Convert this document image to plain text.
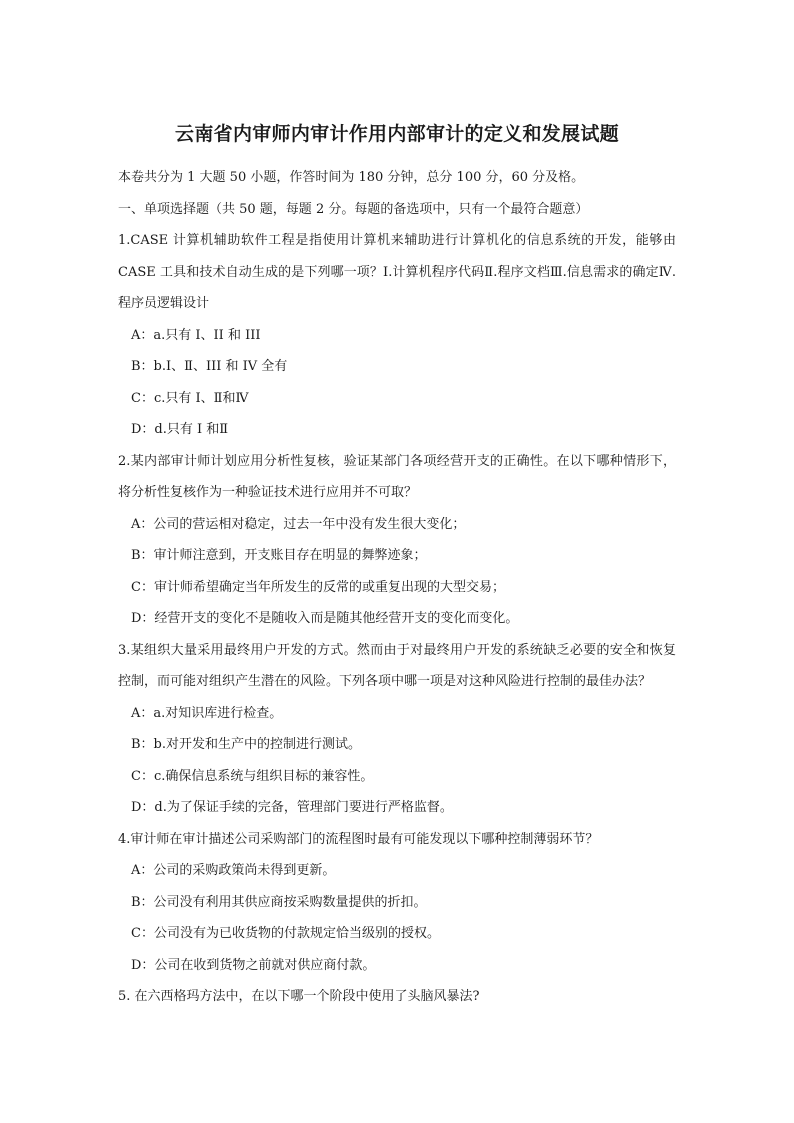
云南省内审师内审计作用内部审计的定义和发展试题
本卷共分为 1 大题 50 小题，作答时间为 180 分钟，总分 100 分，60 分及格。
一、单项选择题（共 50 题，每题 2 分。每题的备选项中，只有一个最符合题意）

1.CASE 计算机辅助软件工程是指使用计算机来辅助进行计算机化的信息系统的开发，能够由 CASE 工具和技术自动生成的是下列哪一项？I.计算机程序代码Ⅱ.程序文档Ⅲ.信息需求的确定Ⅳ.程序员逻辑设计

A：a.只有 I、II 和 III

B：b.I、Ⅱ、III 和 IV 全有

C：c.只有 I、Ⅱ和Ⅳ

D：d.只有 I 和Ⅱ

2.某内部审计师计划应用分析性复核，验证某部门各项经营开支的正确性。在以下哪种情形下，将分析性复核作为一种验证技术进行应用并不可取？

A：公司的营运相对稳定，过去一年中没有发生很大变化；

B：审计师注意到，开支账目存在明显的舞弊迹象；

C：审计师希望确定当年所发生的反常的或重复出现的大型交易；

D：经营开支的变化不是随收入而是随其他经营开支的变化而变化。

3.某组织大量采用最终用户开发的方式。然而由于对最终用户开发的系统缺乏必要的安全和恢复控制，而可能对组织产生潜在的风险。下列各项中哪一项是对这种风险进行控制的最佳办法？

A：a.对知识库进行检查。

B：b.对开发和生产中的控制进行测试。

C：c.确保信息系统与组织目标的兼容性。

D：d.为了保证手续的完备，管理部门要进行严格监督。

4.审计师在审计描述公司采购部门的流程图时最有可能发现以下哪种控制薄弱环节？

A：公司的采购政策尚未得到更新。

B：公司没有利用其供应商按采购数量提供的折扣。

C：公司没有为已收货物的付款规定恰当级别的授权。

D：公司在收到货物之前就对供应商付款。

5. 在六西格玛方法中，在以下哪一个阶段中使用了头脑风暴法?
